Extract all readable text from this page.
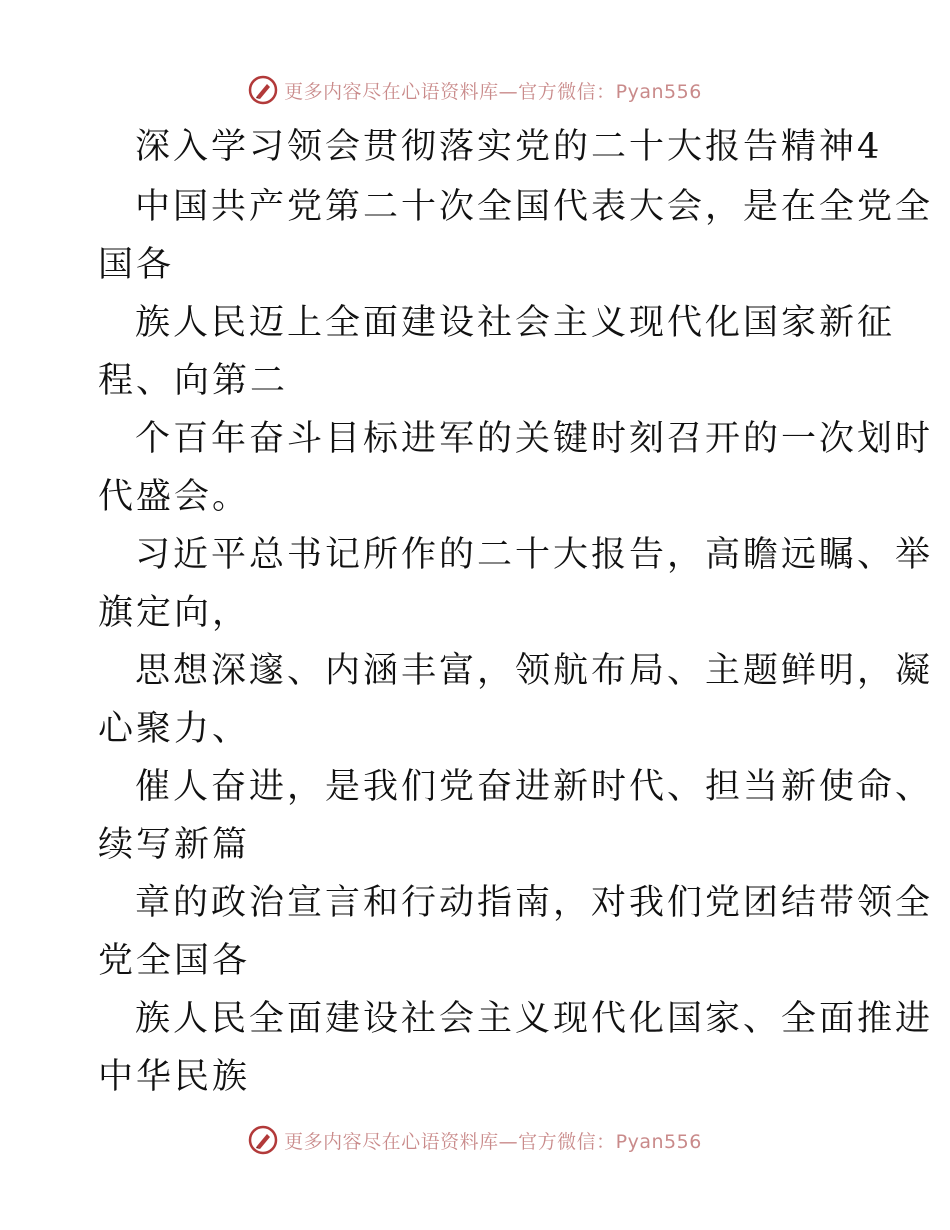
更多内容尽在心语资料库—官方微信：Pyan556
深入学习领会贯彻落实党的二十大报告精神4
中国共产党第二十次全国代表大会，是在全党全
国各
族人民迈上全面建设社会主义现代化国家新征
程、向第二
个百年奋斗目标进军的关键时刻召开的一次划时
代盛会。
习近平总书记所作的二十大报告，高瞻远瞩、举
旗定向，
思想深邃、内涵丰富，领航布局、主题鲜明，凝
心聚力、
催人奋进，是我们党奋进新时代、担当新使命、
续写新篇
章的政治宣言和行动指南，对我们党团结带领全
党全国各
族人民全面建设社会主义现代化国家、全面推进
中华民族
更多内容尽在心语资料库—官方微信：Pyan556
